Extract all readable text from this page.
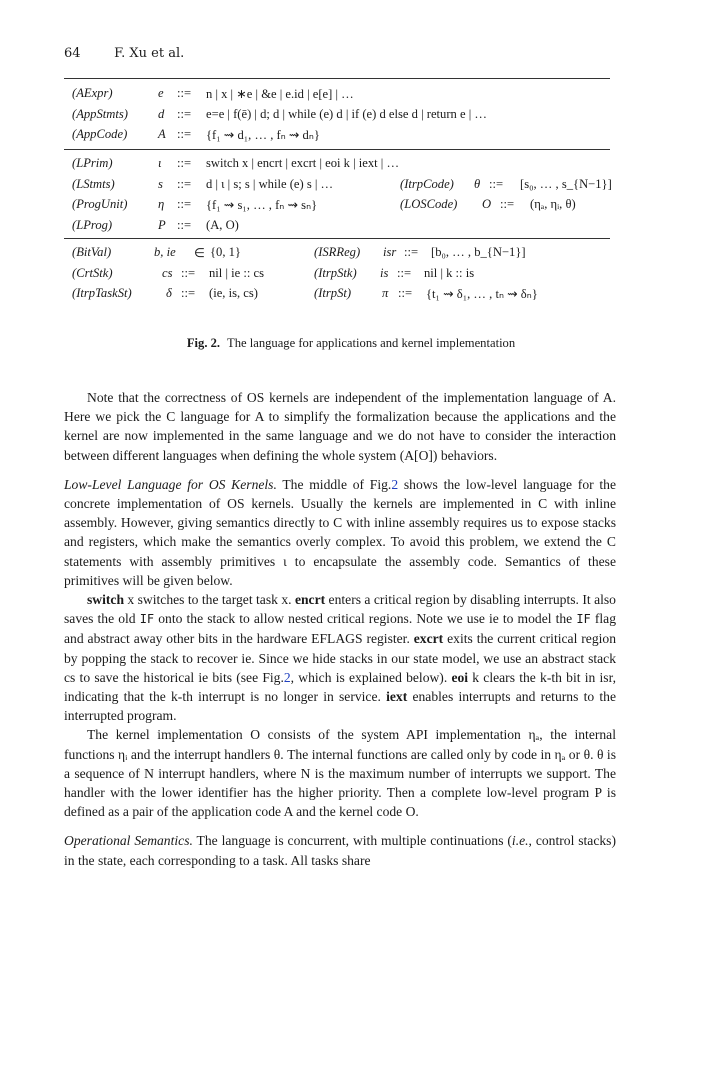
64	F. Xu et al.
(AExpr)	e ::= n | x | ∗e | &e | e.id | e[e] | …
(AppStmts) d ::= e=e | f(ē) | d; d | while (e) d | if (e) d else d | return e | …
(AppCode) A ::= {f₁ ⇝ d₁, … , fₙ ⇝ dₙ}
(LPrim)	ι ::= switch x | encrt | excrt | eoi k | iext | …
(LStmts)	s ::= d | ι | s; s | while (e) s | …	(ItrpCode) θ ::= [s₀, … , s_{N−1}]
(ProgUnit) η ::= {f₁ ⇝ s₁, … , fₙ ⇝ sₙ}	(LOSCode) O ::= (ηₐ, ηᵢ, θ)
(LProg)	P ::= (A, O)
(BitVal)	b, ie ∈ {0, 1}	(ISRReg) isr ::= [b₀, … , b_{N−1}]
(CrtStk)	cs ::= nil | ie :: cs	(ItrpStk) is ::= nil | k :: is
(ItrpTaskSt)	δ ::= (ie, is, cs)	(ItrpSt) π ::= {t₁ ⇝ δ₁, … , tₙ ⇝ δₙ}
Fig. 2. The language for applications and kernel implementation

Note that the correctness of OS kernels are independent of the implementation language of A. Here we pick the C language for A to simplify the formalization because the applications and the kernel are now implemented in the same language and we do not have to consider the interaction between different languages when defining the whole system (A[O]) behaviors.

Low-Level Language for OS Kernels. The middle of Fig.2 shows the low-level language for the concrete implementation of OS kernels. Usually the kernels are implemented in C with inline assembly. However, giving semantics directly to C with inline assembly requires us to expose stacks and registers, which make the semantics overly complex. To avoid this problem, we extend the C statements with assembly primitives ι to encapsulate the assembly code. Semantics of these primitives will be given below.

switch x switches to the target task x. encrt enters a critical region by disabling interrupts. It also saves the old IF onto the stack to allow nested critical regions. Note we use ie to model the IF flag and abstract away other bits in the hardware EFLAGS register. excrt exits the current critical region by popping the stack to recover ie. Since we hide stacks in our state model, we use an abstract stack cs to save the historical ie bits (see Fig.2, which is explained below). eoi k clears the k-th bit in isr, indicating that the k-th interrupt is no longer in service. iext enables interrupts and returns to the interrupted program.

The kernel implementation O consists of the system API implementation ηₐ, the internal functions ηᵢ and the interrupt handlers θ. The internal functions are called only by code in ηₐ or θ. θ is a sequence of N interrupt handlers, where N is the maximum number of interrupts we support. The handler with the lower identifier has the higher priority. Then a complete low-level program P is defined as a pair of the application code A and the kernel code O.

Operational Semantics. The language is concurrent, with multiple continuations (i.e., control stacks) in the state, each corresponding to a task. All tasks share
